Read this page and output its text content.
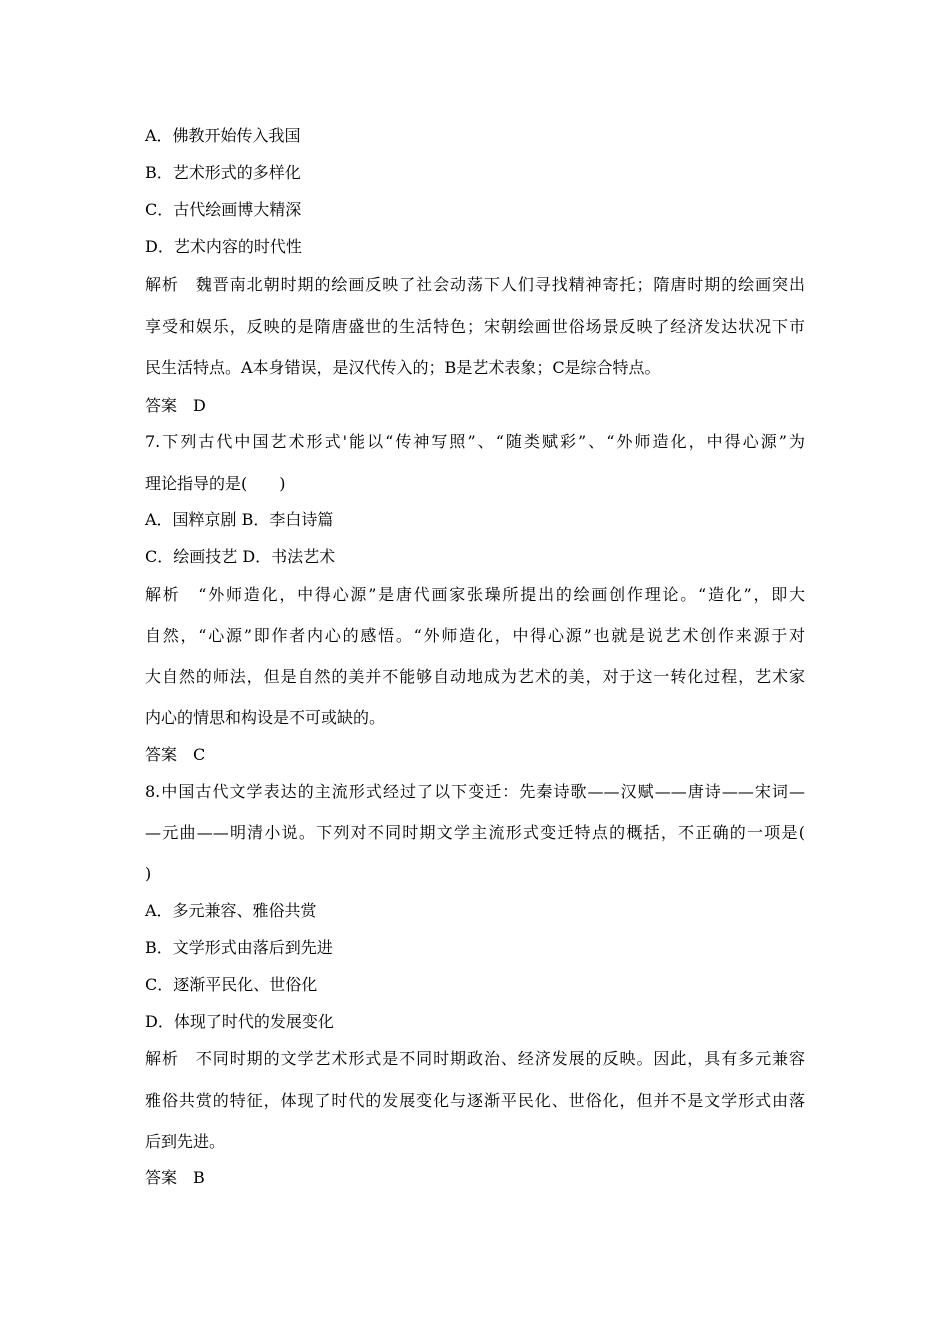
A．佛教开始传入我国
B．艺术形式的多样化
C．古代绘画博大精深
D．艺术内容的时代性
解析　魏晋南北朝时期的绘画反映了社会动荡下人们寻找精神寄托；隋唐时期的绘画突出
享受和娱乐，反映的是隋唐盛世的生活特色；宋朝绘画世俗场景反映了经济发达状况下市
民生活特点。A本身错误，是汉代传入的；B是艺术表象；C是综合特点。
答案　D
7.下列古代中国艺术形式'能以“传神写照”、“随类赋彩”、“外师造化，中得心源”为
理论指导的是(　　)
A．国粹京剧 B．李白诗篇
C．绘画技艺 D．书法艺术
解析　“外师造化，中得心源”是唐代画家张璪所提出的绘画创作理论。“造化”，即大
自然，“心源”即作者内心的感悟。“外师造化，中得心源”也就是说艺术创作来源于对
大自然的师法，但是自然的美并不能够自动地成为艺术的美，对于这一转化过程，艺术家
内心的情思和构设是不可或缺的。
答案　C
8.中国古代文学表达的主流形式经过了以下变迁：先秦诗歌——汉赋——唐诗——宋词—
—元曲——明清小说。下列对不同时期文学主流形式变迁特点的概括，不正确的一项是(
)
A．多元兼容、雅俗共赏
B．文学形式由落后到先进
C．逐渐平民化、世俗化
D．体现了时代的发展变化
解析　不同时期的文学艺术形式是不同时期政治、经济发展的反映。因此，具有多元兼容
雅俗共赏的特征，体现了时代的发展变化与逐渐平民化、世俗化，但并不是文学形式由落
后到先进。
答案　B
